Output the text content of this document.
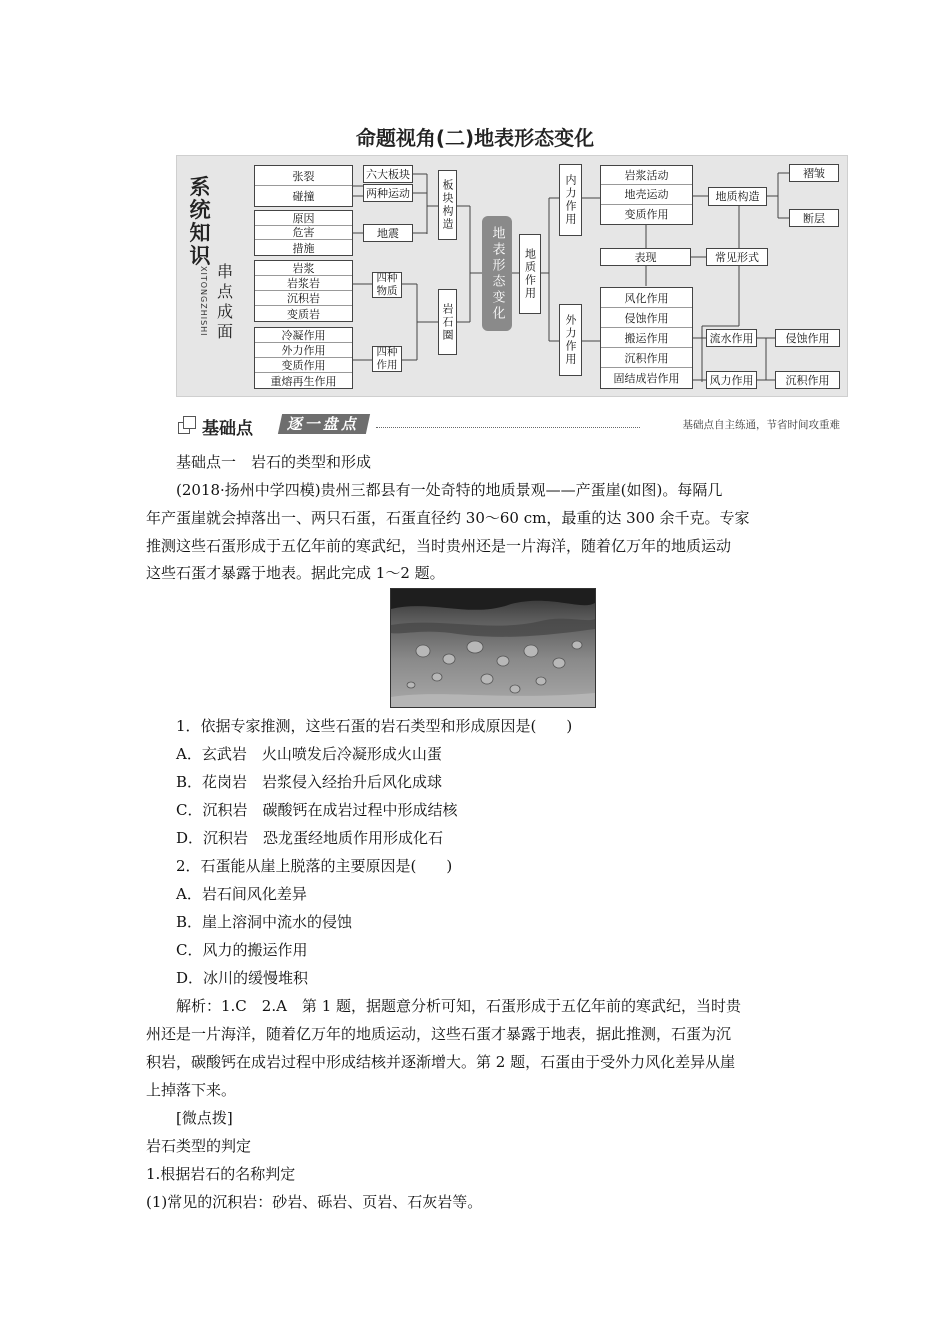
命题视角(二)地表形态变化
系
统
知
识
XITONGZHISHI 串
点
成
面
张裂
碰撞
原因
危害
措施
岩浆
岩浆岩
沉积岩
变质岩
冷凝作用
外力作用
变质作用
重熔再生作用
六大板块
两种运动
地震
四种物质
四种作用
板块构造
岩石圈
地表形态变化	地质作用
内力作用
外力作用
岩浆活动
地壳运动
变质作用
表现
风化作用
侵蚀作用
搬运作用
沉积作用
固结成岩作用
地质构造
常见形式
褶皱
断层
流水作用
风力作用
侵蚀作用
沉积作用
基础点	逐一盘点	基础点自主练通，节省时间攻重难
基础点一　岩石的类型和形成
(2018·扬州中学四模)贵州三都县有一处奇特的地质景观——产蛋崖(如图)。每隔几
年产蛋崖就会掉落出一、两只石蛋，石蛋直径约 30～60 cm，最重的达 300 余千克。专家
推测这些石蛋形成于五亿年前的寒武纪，当时贵州还是一片海洋，随着亿万年的地质运动
这些石蛋才暴露于地表。据此完成 1～2 题。
1．依据专家推测，这些石蛋的岩石类型和形成原因是(　　)
A．玄武岩　火山喷发后冷凝形成火山蛋
B．花岗岩　岩浆侵入经抬升后风化成球
C．沉积岩　碳酸钙在成岩过程中形成结核
D．沉积岩　恐龙蛋经地质作用形成化石
2．石蛋能从崖上脱落的主要原因是(　　)
A．岩石间风化差异
B．崖上溶洞中流水的侵蚀
C．风力的搬运作用
D．冰川的缓慢堆积
解析：1.C　2.A　第 1 题，据题意分析可知，石蛋形成于五亿年前的寒武纪，当时贵
州还是一片海洋，随着亿万年的地质运动，这些石蛋才暴露于地表，据此推测，石蛋为沉
积岩，碳酸钙在成岩过程中形成结核并逐渐增大。第 2 题，石蛋由于受外力风化差异从崖
上掉落下来。
[微点拨]
岩石类型的判定
1.根据岩石的名称判定
(1)常见的沉积岩：砂岩、砾岩、页岩、石灰岩等。
